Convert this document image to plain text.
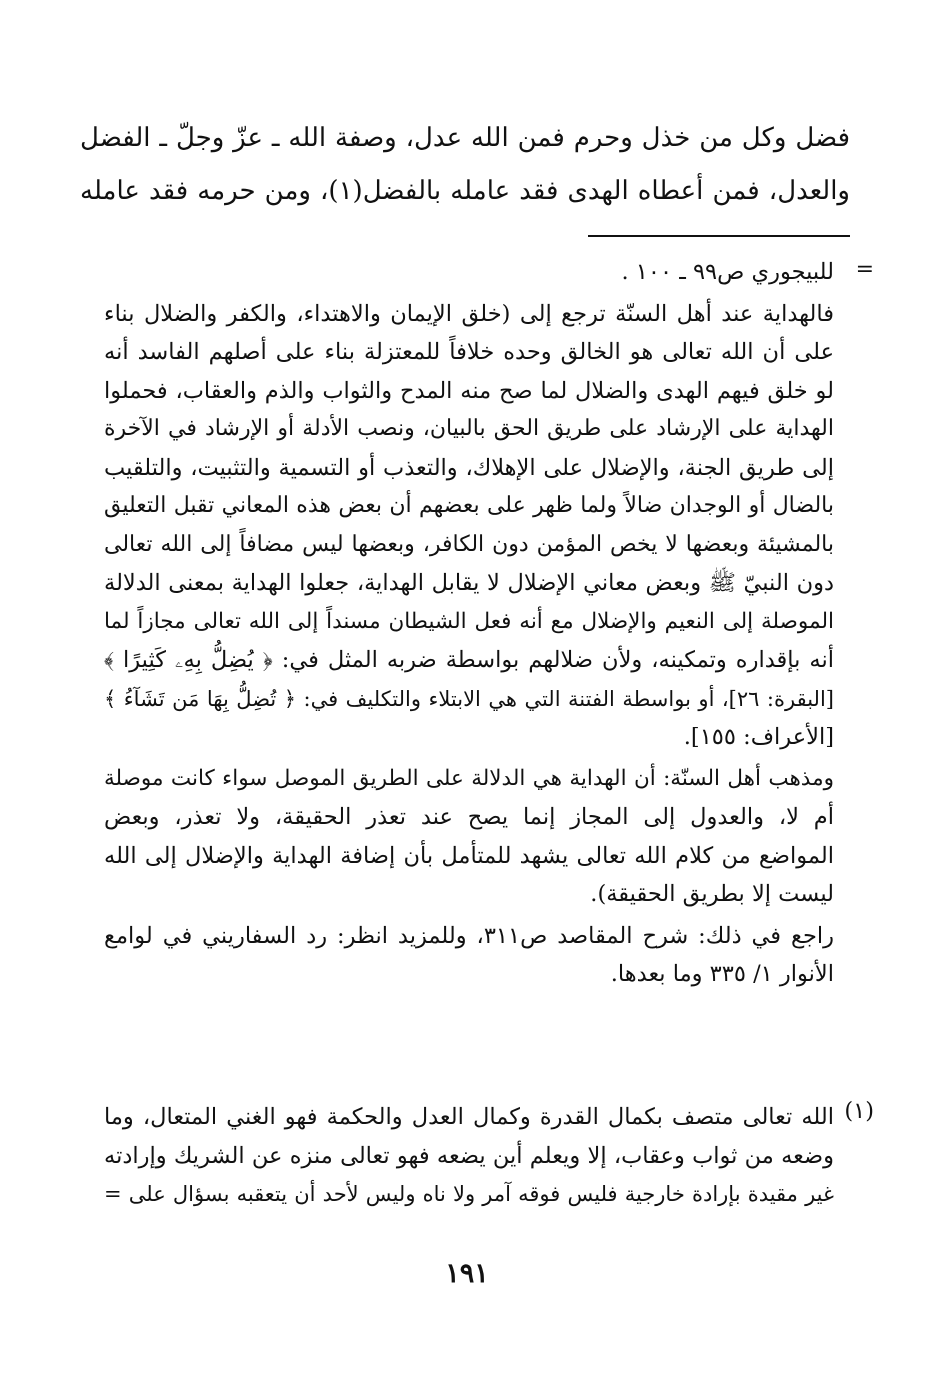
فضل وكل من خذل وحرم فمن الله عدل، وصفة الله ـ عزّ وجلّ ـ الفضل
والعدل، فمن أعطاه الهدى فقد عامله بالفضل(١)، ومن حرمه فقد عامله
=
للبيجوري ص٩٩ ـ ١٠٠ .
فالهداية عند أهل السنّة ترجع إلى (خلق الإيمان والاهتداء، والكفر والضلال بناء
على أن الله تعالى هو الخالق وحده خلافاً للمعتزلة بناء على أصلهم الفاسد أنه
لو خلق فيهم الهدى والضلال لما صح منه المدح والثواب والذم والعقاب، فحملوا
الهداية على الإرشاد على طريق الحق بالبيان، ونصب الأدلة أو الإرشاد في الآخرة
إلى طريق الجنة، والإضلال على الإهلاك، والتعذب أو التسمية والتثبيت، والتلقيب
بالضال أو الوجدان ضالاً ولما ظهر على بعضهم أن بعض هذه المعاني تقبل التعليق
بالمشيئة وبعضها لا يخص المؤمن دون الكافر، وبعضها ليس مضافاً إلى الله تعالى
دون النبيّ ﷺ وبعض معاني الإضلال لا يقابل الهداية، جعلوا الهداية بمعنى الدلالة
الموصلة إلى النعيم والإضلال مع أنه فعل الشيطان مسنداً إلى الله تعالى مجازاً لما
أنه بإقداره وتمكينه، ولأن ضلالهم بواسطة ضربه المثل في: ﴿ يُضِلُّ بِهِۦ كَثِيرًا ﴾
[البقرة: ٢٦]، أو بواسطة الفتنة التي هي الابتلاء والتكليف في: ﴿ تُضِلُّ بِهَا مَن تَشَآءُ ﴾
[الأعراف: ١٥٥].
ومذهب أهل السنّة: أن الهداية هي الدلالة على الطريق الموصل سواء كانت موصلة
أم لا، والعدول إلى المجاز إنما يصح عند تعذر الحقيقة، ولا تعذر، وبعض
المواضع من كلام الله تعالى يشهد للمتأمل بأن إضافة الهداية والإضلال إلى الله
ليست إلا بطريق الحقيقة).
راجع في ذلك: شرح المقاصد ص٣١١، وللمزيد انظر: رد السفاريني في لوامع
الأنوار ١/ ٣٣٥ وما بعدها.
(١)
الله تعالى متصف بكمال القدرة وكمال العدل والحكمة فهو الغني المتعال، وما
وضعه من ثواب وعقاب، إلا ويعلم أين يضعه فهو تعالى منزه عن الشريك وإرادته
غير مقيدة بإرادة خارجية فليس فوقه آمر ولا ناه وليس لأحد أن يتعقبه بسؤال على =
١٩١
